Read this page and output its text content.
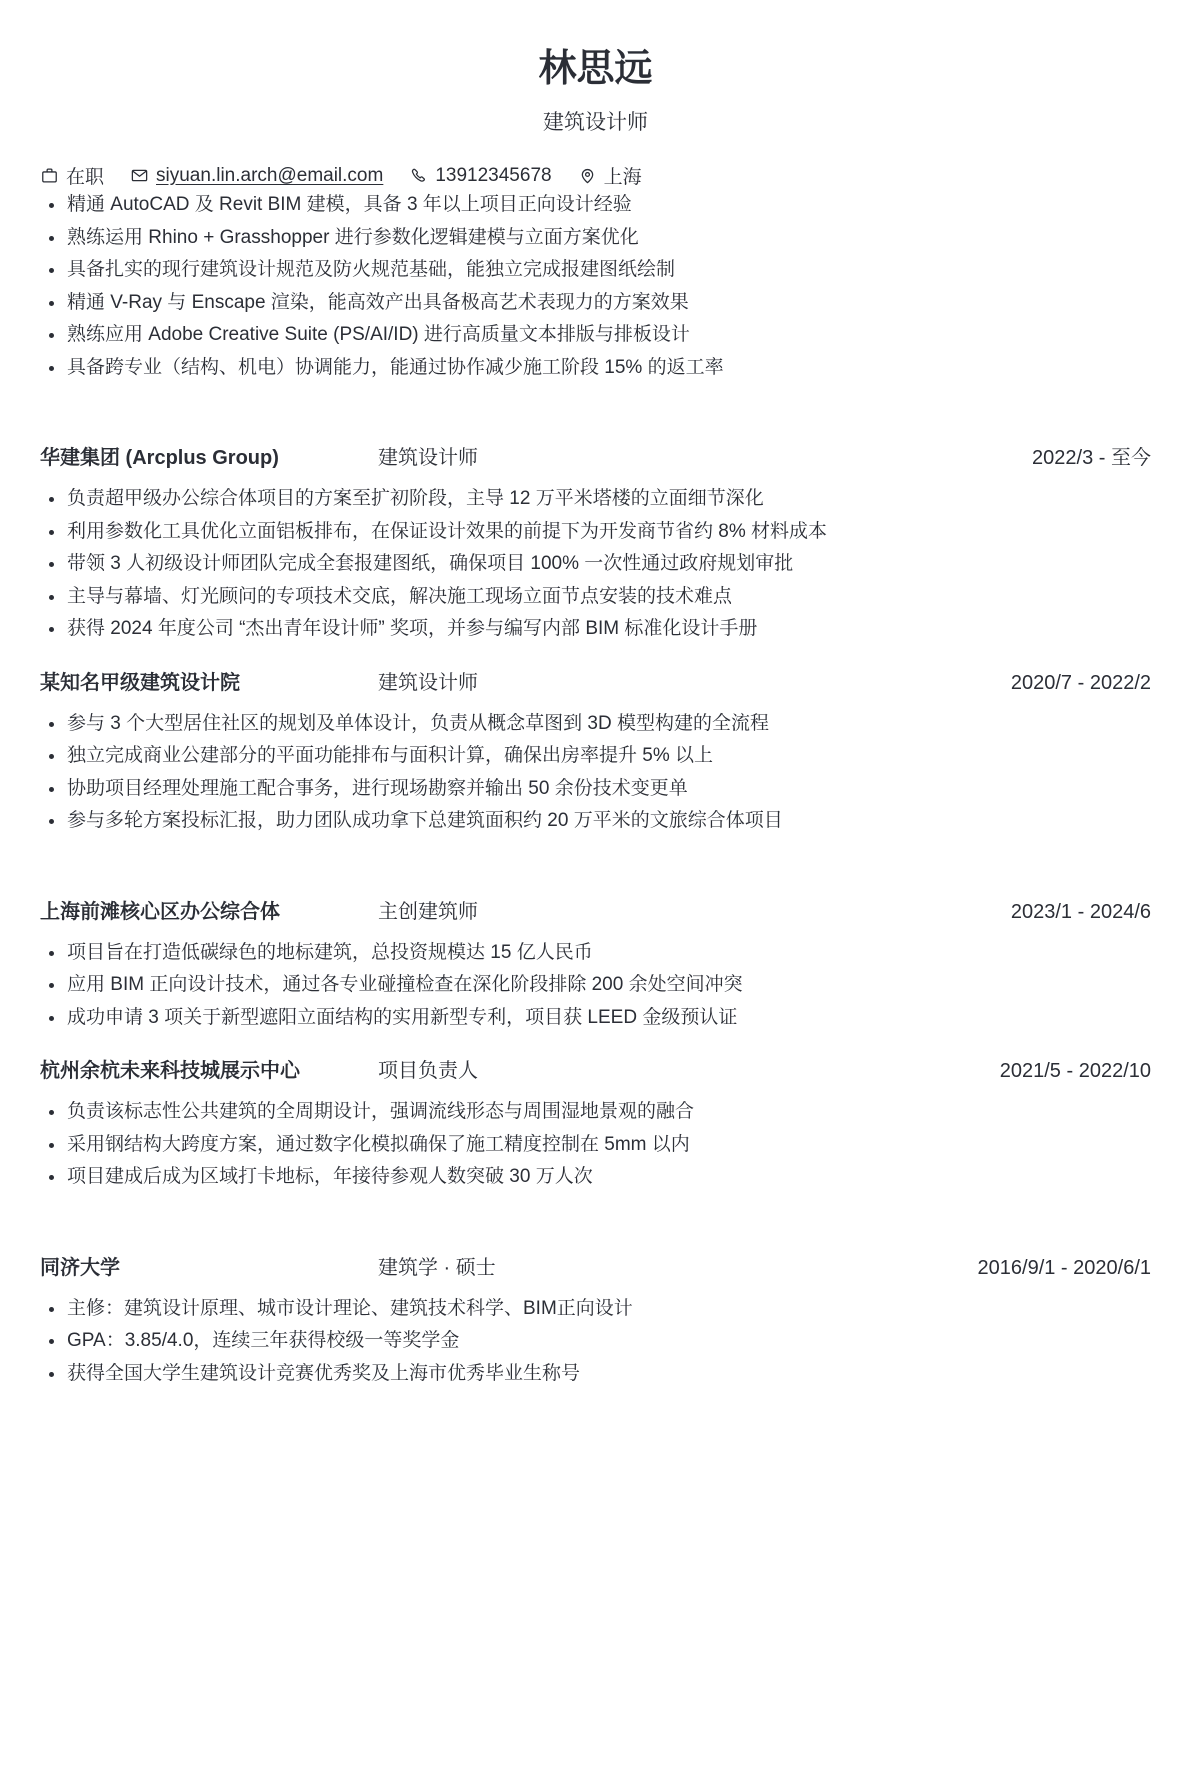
林思远
建筑设计师
在职	siyuan.lin.arch@email.com	13912345678	上海
• 精通 AutoCAD 及 Revit BIM 建模，具备 3 年以上项目正向设计经验
• 熟练运用 Rhino + Grasshopper 进行参数化逻辑建模与立面方案优化
• 具备扎实的现行建筑设计规范及防火规范基础，能独立完成报建图纸绘制
• 精通 V-Ray 与 Enscape 渲染，能高效产出具备极高艺术表现力的方案效果
• 熟练应用 Adobe Creative Suite (PS/AI/ID) 进行高质量文本排版与排板设计
• 具备跨专业（结构、机电）协调能力，能通过协作减少施工阶段 15% 的返工率
华建集团 (Arcplus Group)	建筑设计师	2022/3 - 至今
• 负责超甲级办公综合体项目的方案至扩初阶段，主导 12 万平米塔楼的立面细节深化
• 利用参数化工具优化立面铝板排布，在保证设计效果的前提下为开发商节省约 8% 材料成本
• 带领 3 人初级设计师团队完成全套报建图纸，确保项目 100% 一次性通过政府规划审批
• 主导与幕墙、灯光顾问的专项技术交底，解决施工现场立面节点安装的技术难点
• 获得 2024 年度公司 “杰出青年设计师” 奖项，并参与编写内部 BIM 标准化设计手册
某知名甲级建筑设计院	建筑设计师	2020/7 - 2022/2
• 参与 3 个大型居住社区的规划及单体设计，负责从概念草图到 3D 模型构建的全流程
• 独立完成商业公建部分的平面功能排布与面积计算，确保出房率提升 5% 以上
• 协助项目经理处理施工配合事务，进行现场勘察并输出 50 余份技术变更单
• 参与多轮方案投标汇报，助力团队成功拿下总建筑面积约 20 万平米的文旅综合体项目
上海前滩核心区办公综合体	主创建筑师	2023/1 - 2024/6
• 项目旨在打造低碳绿色的地标建筑，总投资规模达 15 亿人民币
• 应用 BIM 正向设计技术，通过各专业碰撞检查在深化阶段排除 200 余处空间冲突
• 成功申请 3 项关于新型遮阳立面结构的实用新型专利，项目获 LEED 金级预认证
杭州余杭未来科技城展示中心	项目负责人	2021/5 - 2022/10
• 负责该标志性公共建筑的全周期设计，强调流线形态与周围湿地景观的融合
• 采用钢结构大跨度方案，通过数字化模拟确保了施工精度控制在 5mm 以内
• 项目建成后成为区域打卡地标，年接待参观人数突破 30 万人次
同济大学	建筑学 · 硕士	2016/9/1 - 2020/6/1
• 主修：建筑设计原理、城市设计理论、建筑技术科学、BIM正向设计
• GPA：3.85/4.0，连续三年获得校级一等奖学金
• 获得全国大学生建筑设计竞赛优秀奖及上海市优秀毕业生称号
